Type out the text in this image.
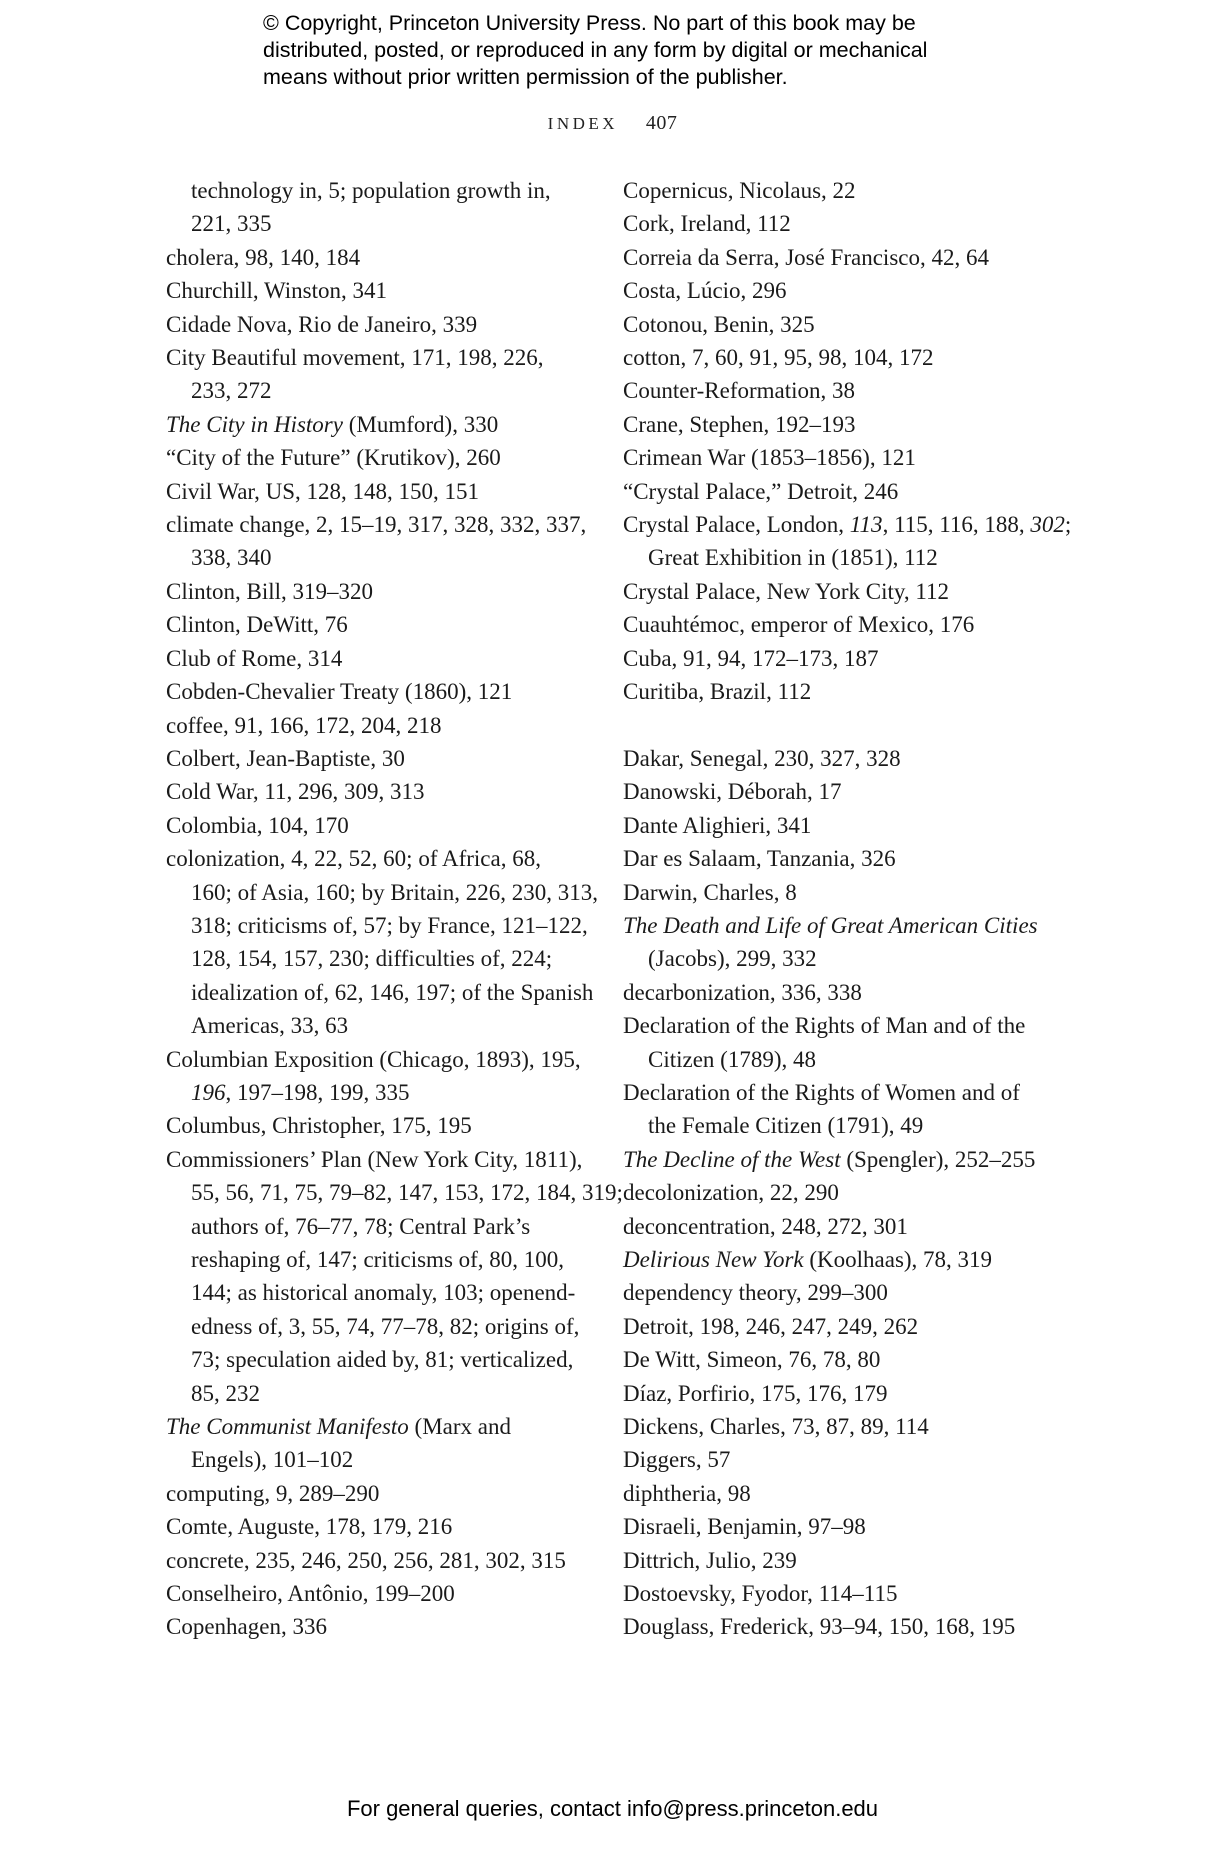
© Copyright, Princeton University Press. No part of this book may be
distributed, posted, or reproduced in any form by digital or mechanical
means without prior written permission of the publisher.
INDEX 407
technology in, 5; population growth in,
221, 335
cholera, 98, 140, 184
Churchill, Winston, 341
Cidade Nova, Rio de Janeiro, 339
City Beautiful movement, 171, 198, 226,
233, 272
The City in History (Mumford), 330
“City of the Future” (Krutikov), 260
Civil War, US, 128, 148, 150, 151
climate change, 2, 15–19, 317, 328, 332, 337,
338, 340
Clinton, Bill, 319–320
Clinton, DeWitt, 76
Club of Rome, 314
Cobden-Chevalier Treaty (1860), 121
coffee, 91, 166, 172, 204, 218
Colbert, Jean-Baptiste, 30
Cold War, 11, 296, 309, 313
Colombia, 104, 170
colonization, 4, 22, 52, 60; of Africa, 68,
160; of Asia, 160; by Britain, 226, 230, 313,
318; criticisms of, 57; by France, 121–122,
128, 154, 157, 230; difficulties of, 224;
idealization of, 62, 146, 197; of the Spanish
Americas, 33, 63
Columbian Exposition (Chicago, 1893), 195,
196, 197–198, 199, 335
Columbus, Christopher, 175, 195
Commissioners’ Plan (New York City, 1811),
55, 56, 71, 75, 79–82, 147, 153, 172, 184, 319;
authors of, 76–77, 78; Central Park’s
reshaping of, 147; criticisms of, 80, 100,
144; as historical anomaly, 103; openend-
edness of, 3, 55, 74, 77–78, 82; origins of,
73; speculation aided by, 81; verticalized,
85, 232
The Communist Manifesto (Marx and
Engels), 101–102
computing, 9, 289–290
Comte, Auguste, 178, 179, 216
concrete, 235, 246, 250, 256, 281, 302, 315
Conselheiro, Antônio, 199–200
Copenhagen, 336
Copernicus, Nicolaus, 22
Cork, Ireland, 112
Correia da Serra, José Francisco, 42, 64
Costa, Lúcio, 296
Cotonou, Benin, 325
cotton, 7, 60, 91, 95, 98, 104, 172
Counter-Reformation, 38
Crane, Stephen, 192–193
Crimean War (1853–1856), 121
“Crystal Palace,” Detroit, 246
Crystal Palace, London, 113, 115, 116, 188, 302;
Great Exhibition in (1851), 112
Crystal Palace, New York City, 112
Cuauhtémoc, emperor of Mexico, 176
Cuba, 91, 94, 172–173, 187
Curitiba, Brazil, 112
Dakar, Senegal, 230, 327, 328
Danowski, Déborah, 17
Dante Alighieri, 341
Dar es Salaam, Tanzania, 326
Darwin, Charles, 8
The Death and Life of Great American Cities
(Jacobs), 299, 332
decarbonization, 336, 338
Declaration of the Rights of Man and of the
Citizen (1789), 48
Declaration of the Rights of Women and of
the Female Citizen (1791), 49
The Decline of the West (Spengler), 252–255
decolonization, 22, 290
deconcentration, 248, 272, 301
Delirious New York (Koolhaas), 78, 319
dependency theory, 299–300
Detroit, 198, 246, 247, 249, 262
De Witt, Simeon, 76, 78, 80
Díaz, Porfirio, 175, 176, 179
Dickens, Charles, 73, 87, 89, 114
Diggers, 57
diphtheria, 98
Disraeli, Benjamin, 97–98
Dittrich, Julio, 239
Dostoevsky, Fyodor, 114–115
Douglass, Frederick, 93–94, 150, 168, 195
For general queries, contact info@press.princeton.edu
